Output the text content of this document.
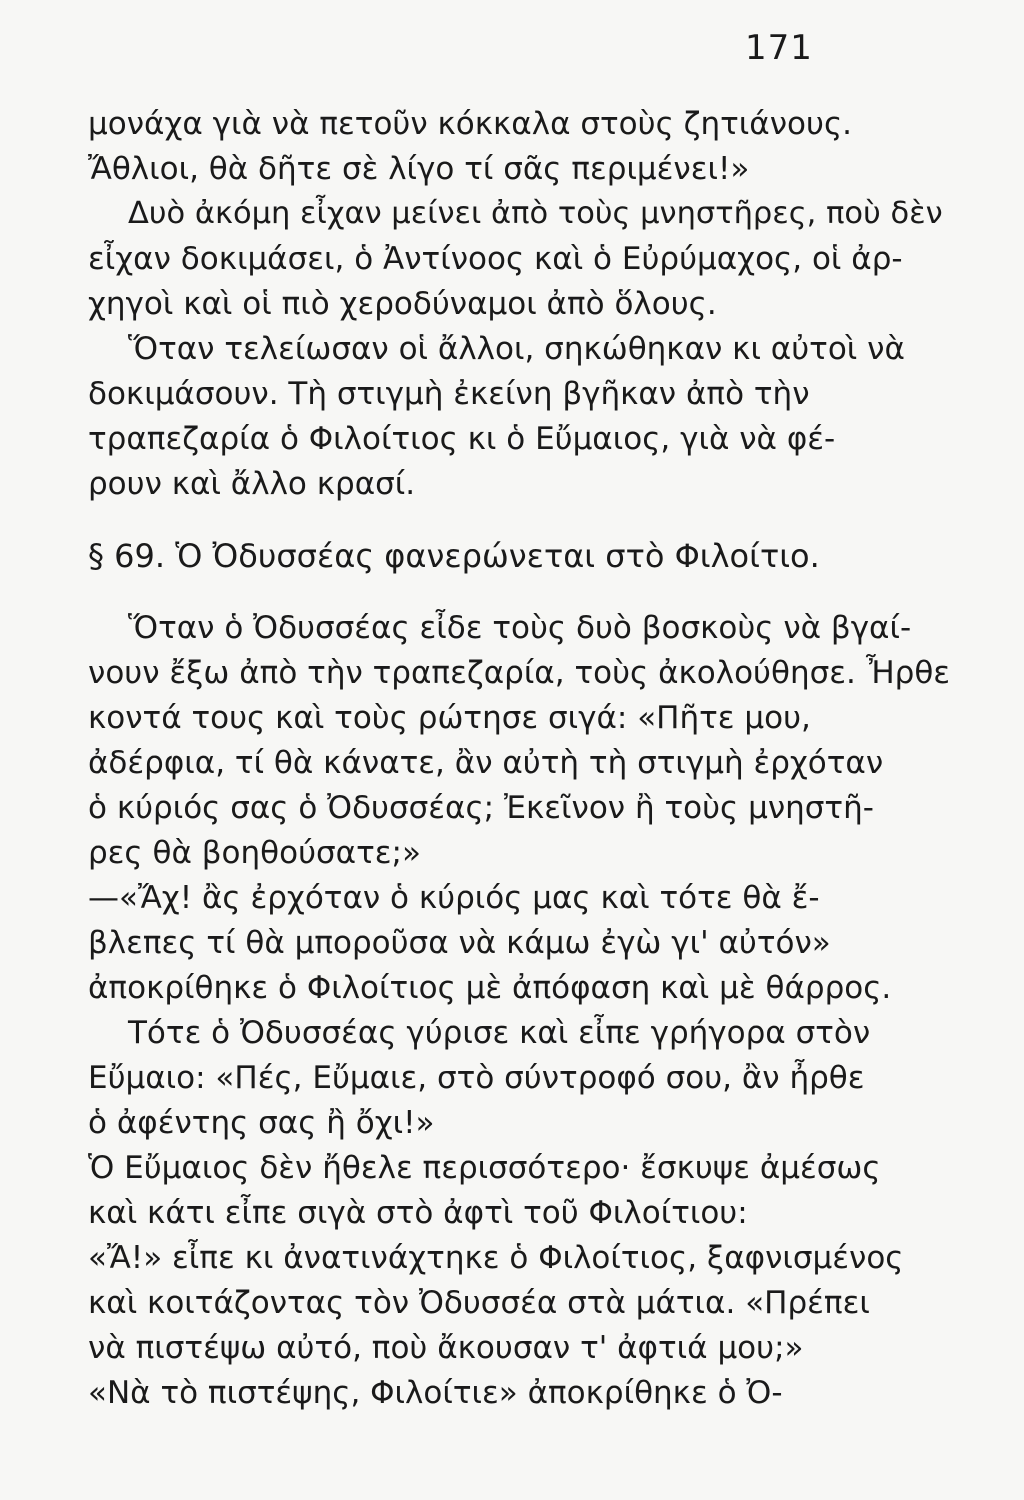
171
μονάχα γιὰ νὰ πετοῦν κόκκαλα στοὺς ζητιάνους.
Ἄθλιοι, θὰ δῆτε σὲ λίγο τί σᾶς περιμένει!»
Δυὸ ἀκόμη εἶχαν μείνει ἀπὸ τοὺς μνηστῆρες, ποὺ δὲν
εἶχαν δοκιμάσει, ὁ Ἀντίνοος καὶ ὁ Εὐρύμαχος, οἱ ἀρ-
χηγοὶ καὶ οἱ πιὸ χεροδύναμοι ἀπὸ ὅλους.
Ὅταν τελείωσαν οἱ ἄλλοι, σηκώθηκαν κι αὐτοὶ νὰ
δοκιμάσουν. Τὴ στιγμὴ ἐκείνη βγῆκαν ἀπὸ τὴν
τραπεζαρία ὁ Φιλοίτιος κι ὁ Εὔμαιος, γιὰ νὰ φέ-
ρουν καὶ ἄλλο κρασί.
§ 69. Ὁ Ὀδυσσέας φανερώνεται στὸ Φιλοίτιο.
Ὅταν ὁ Ὀδυσσέας εἶδε τοὺς δυὸ βοσκοὺς νὰ βγαί-
νουν ἔξω ἀπὸ τὴν τραπεζαρία, τοὺς ἀκολούθησε. Ἦρθε
κοντά τους καὶ τοὺς ρώτησε σιγά: «Πῆτε μου,
ἀδέρφια, τί θὰ κάνατε, ἂν αὐτὴ τὴ στιγμὴ ἐρχόταν
ὁ κύριός σας ὁ Ὀδυσσέας; Ἐκεῖνον ἢ τοὺς μνηστῆ-
ρες θὰ βοηθούσατε;»
—«Ἄχ! ἂς ἐρχόταν ὁ κύριός μας καὶ τότε θὰ ἔ-
βλεπες τί θὰ μποροῦσα νὰ κάμω ἐγὼ γι' αὐτόν»
ἀποκρίθηκε ὁ Φιλοίτιος μὲ ἀπόφαση καὶ μὲ θάρρος.
Τότε ὁ Ὀδυσσέας γύρισε καὶ εἶπε γρήγορα στὸν
Εὔμαιο: «Πές, Εὔμαιε, στὸ σύντροφό σου, ἂν ἦρθε
ὁ ἀφέντης σας ἢ ὄχι!»
Ὁ Εὔμαιος δὲν ἤθελε περισσότερο· ἔσκυψε ἀμέσως
καὶ κάτι εἶπε σιγὰ στὸ ἀφτὶ τοῦ Φιλοίτιου:
«Ἄ!» εἶπε κι ἀνατινάχτηκε ὁ Φιλοίτιος, ξαφνισμένος
καὶ κοιτάζοντας τὸν Ὀδυσσέα στὰ μάτια. «Πρέπει
νὰ πιστέψω αὐτό, ποὺ ἄκουσαν τ' ἀφτιά μου;»
«Νὰ τὸ πιστέψης, Φιλοίτιε» ἀποκρίθηκε ὁ Ὀ-
